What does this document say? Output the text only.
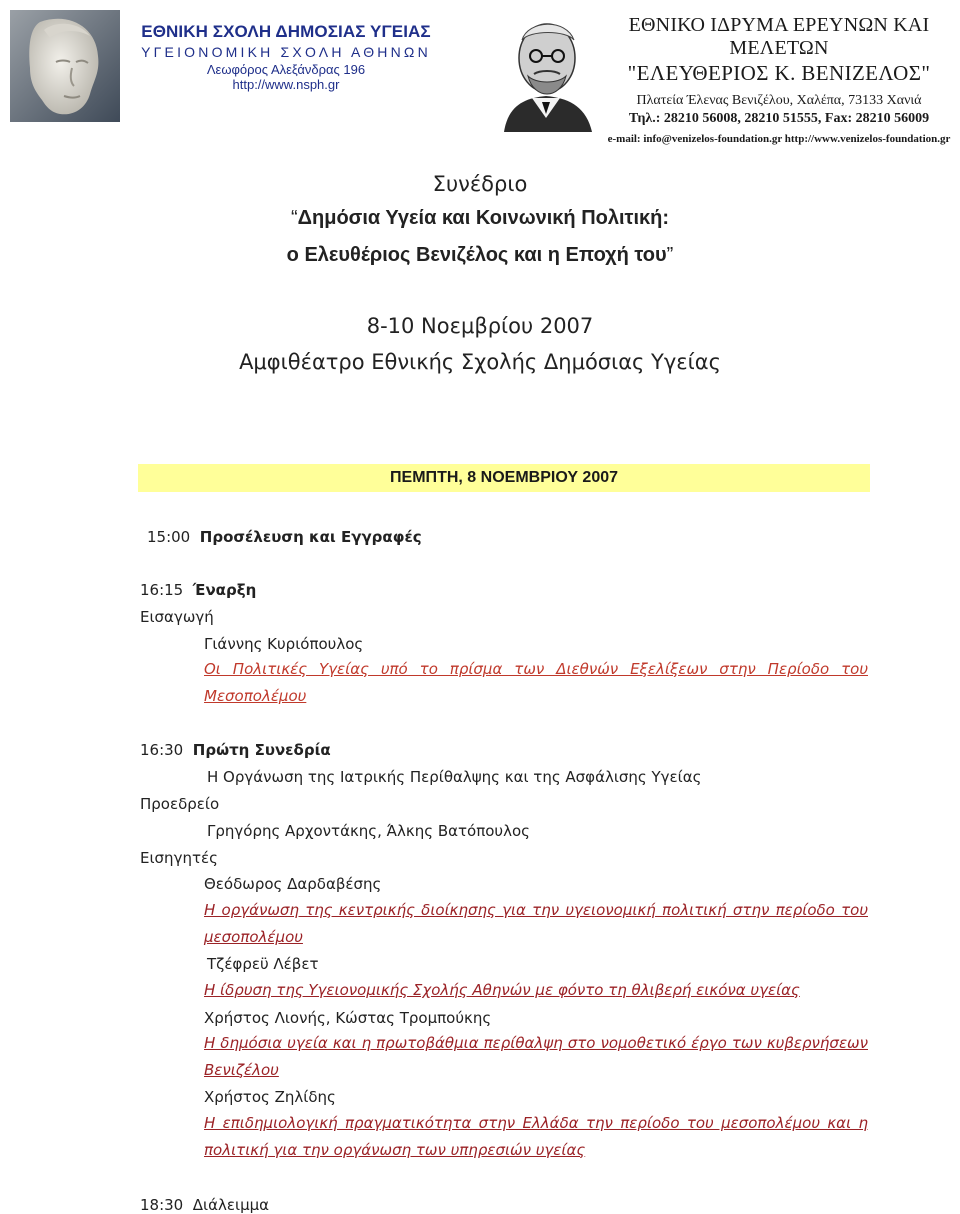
ΕΘΝΙΚΗ ΣΧΟΛΗ ΔΗΜΟΣΙΑΣ ΥΓΕΙΑΣ
ΥΓΕΙΟΝΟΜΙΚΗ ΣΧΟΛΗ ΑΘΗΝΩΝ
Λεωφόρος Αλεξάνδρας 196
http://www.nsph.gr
ΕΘΝΙΚΟ ΙΔΡΥΜΑ ΕΡΕΥΝΩΝ ΚΑΙ ΜΕΛΕΤΩΝ
"ΕΛΕΥΘΕΡΙΟΣ Κ. ΒΕΝΙΖΕΛΟΣ"
Πλατεία Έλενας Βενιζέλου, Χαλέπα, 73133 Χανιά
Τηλ.: 28210 56008, 28210 51555, Fax: 28210 56009
e-mail: info@venizelos-foundation.gr http://www.venizelos-foundation.gr
Συνέδριο
“Δημόσια Υγεία και Κοινωνική Πολιτική:
ο Ελευθέριος Βενιζέλος και η Εποχή του”
8-10 Νοεμβρίου 2007
Αμφιθέατρο Εθνικής Σχολής Δημόσιας Υγείας
ΠΕΜΠΤΗ, 8 ΝΟΕΜΒΡΙΟΥ 2007
15:00 Προσέλευση και Εγγραφές
16:15 Έναρξη
Εισαγωγή
Γιάννης Κυριόπουλος
Οι Πολιτικές Υγείας υπό το πρίσμα των Διεθνών Εξελίξεων στην Περίοδο του Μεσοπολέμου
16:30 Πρώτη Συνεδρία
Η Οργάνωση της Ιατρικής Περίθαλψης και της Ασφάλισης Υγείας
Προεδρείο
Γρηγόρης Αρχοντάκης, Άλκης Βατόπουλος
Εισηγητές
Θεόδωρος Δαρδαβέσης
Η οργάνωση της κεντρικής διοίκησης για την υγειονομική πολιτική στην περίοδο του μεσοπολέμου
Τζέφρεϋ Λέβετ
Η ίδρυση της Υγειονομικής Σχολής Αθηνών με φόντο τη θλιβερή εικόνα υγείας
Χρήστος Λιονής, Κώστας Τρομπούκης
Η δημόσια υγεία και η πρωτοβάθμια περίθαλψη στο νομοθετικό έργο των κυβερνήσεων Βενιζέλου
Χρήστος Ζηλίδης
Η επιδημιολογική πραγματικότητα στην Ελλάδα την περίοδο του μεσοπολέμου και η πολιτική για την οργάνωση των υπηρεσιών υγείας
18:30 Διάλειμμα
